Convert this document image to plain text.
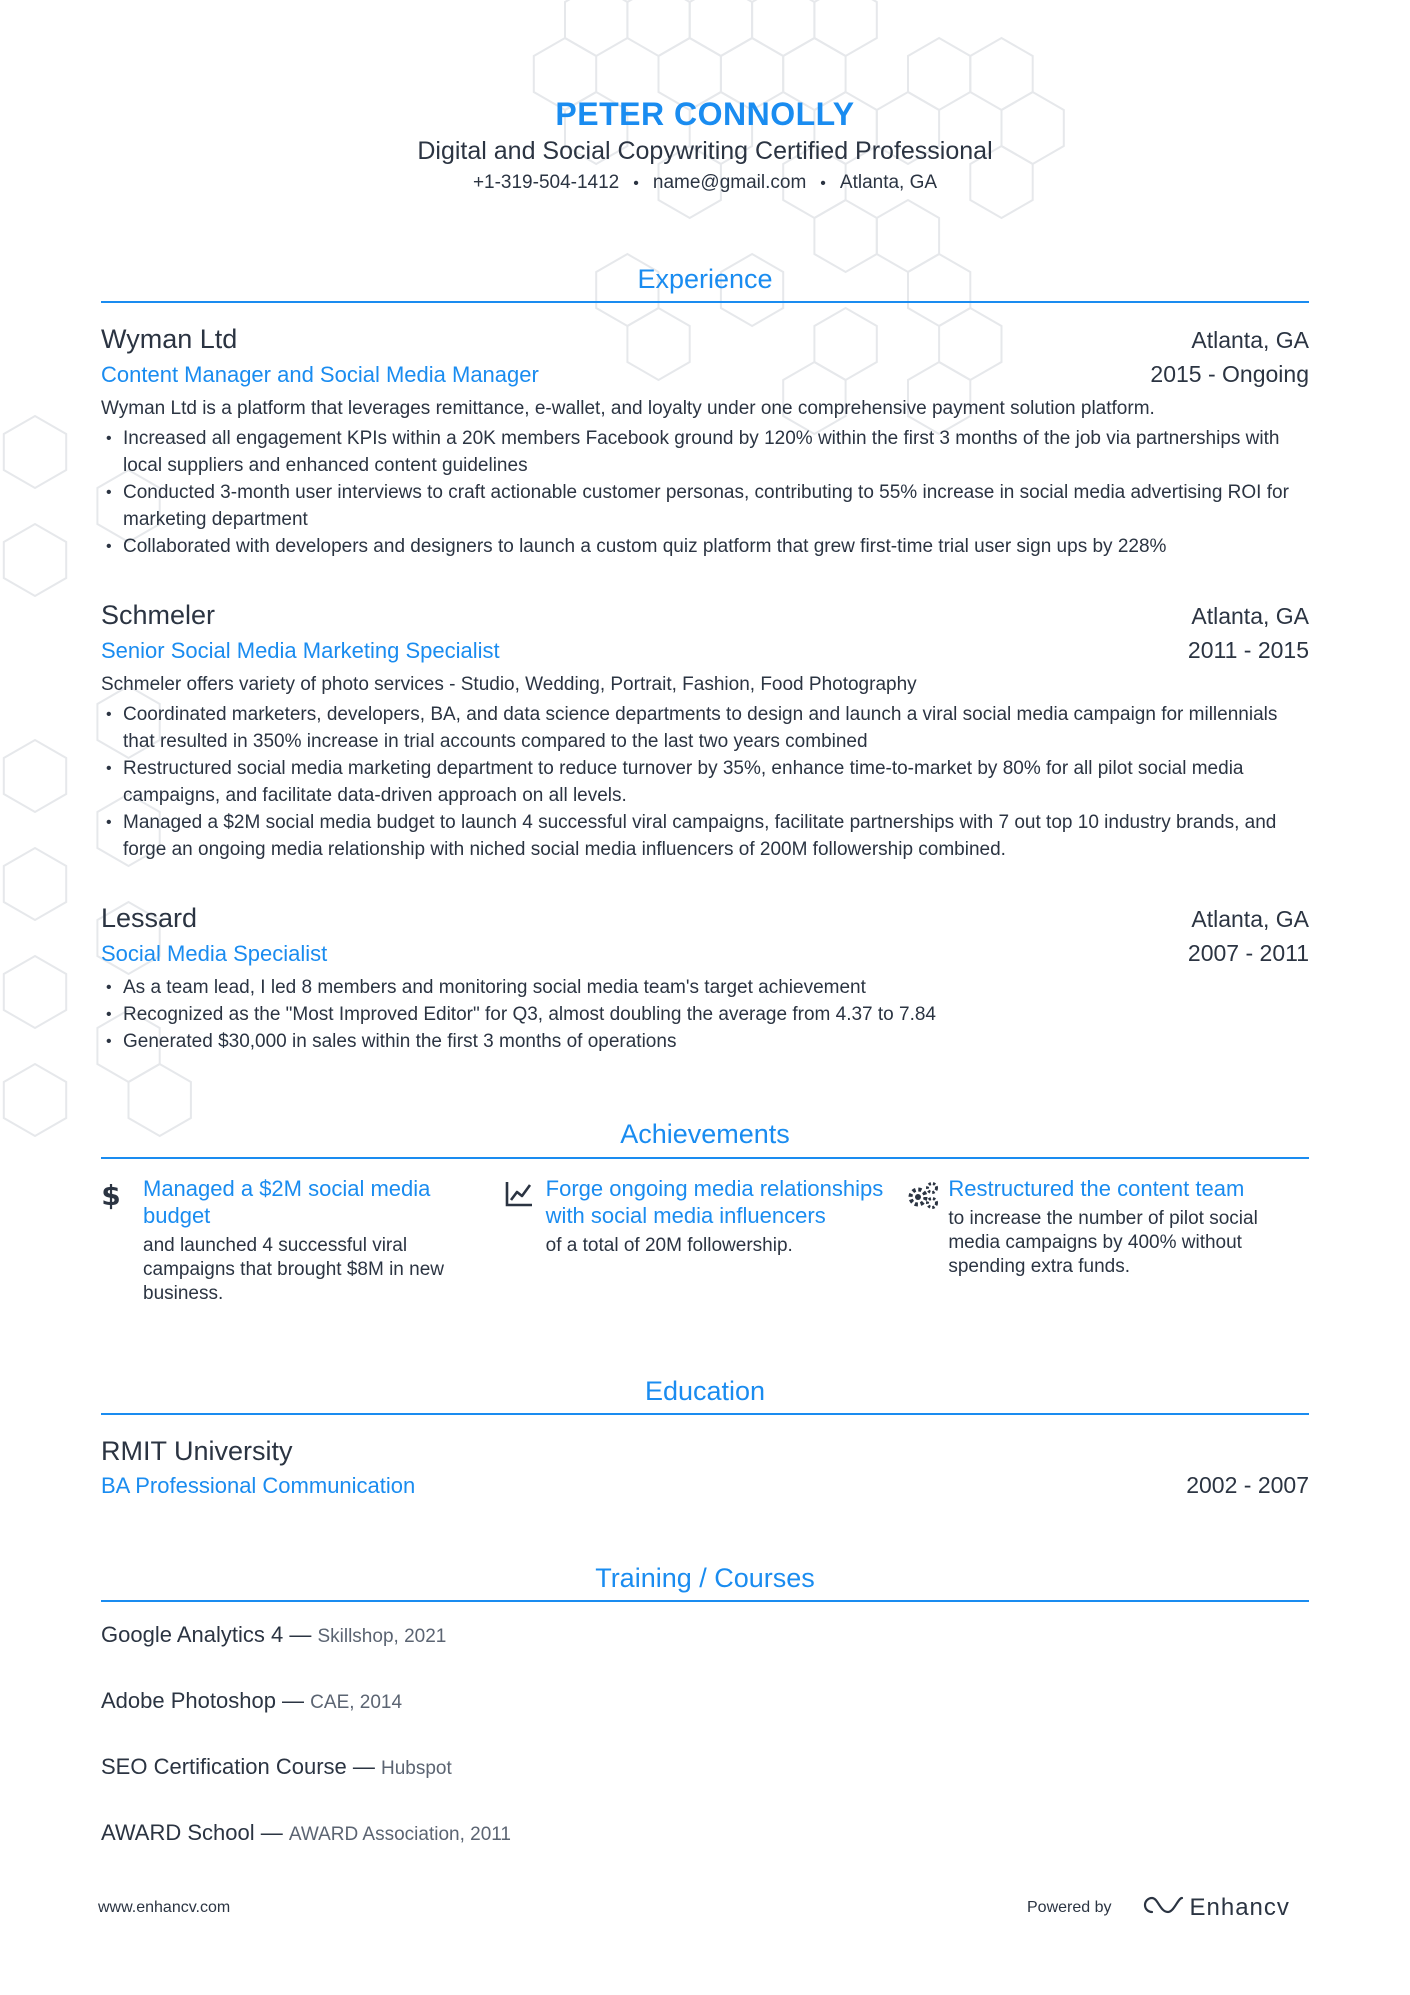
PETER CONNOLLY
Digital and Social Copywriting Certified Professional
+1-319-504-1412 • name@gmail.com • Atlanta, GA
Experience
Wyman Ltd	Atlanta, GA
Content Manager and Social Media Manager	2015 - Ongoing
Wyman Ltd is a platform that leverages remittance, e-wallet, and loyalty under one comprehensive payment solution platform.
• Increased all engagement KPIs within a 20K members Facebook ground by 120% within the first 3 months of the job via partnerships with local suppliers and enhanced content guidelines
• Conducted 3-month user interviews to craft actionable customer personas, contributing to 55% increase in social media advertising ROI for marketing department
• Collaborated with developers and designers to launch a custom quiz platform that grew first-time trial user sign ups by 228%
Schmeler	Atlanta, GA
Senior Social Media Marketing Specialist	2011 - 2015
Schmeler offers variety of photo services - Studio, Wedding, Portrait, Fashion, Food Photography
• Coordinated marketers, developers, BA, and data science departments to design and launch a viral social media campaign for millennials that resulted in 350% increase in trial accounts compared to the last two years combined
• Restructured social media marketing department to reduce turnover by 35%, enhance time-to-market by 80% for all pilot social media campaigns, and facilitate data-driven approach on all levels.
• Managed a $2M social media budget to launch 4 successful viral campaigns, facilitate partnerships with 7 out top 10 industry brands, and forge an ongoing media relationship with niched social media influencers of 200M followership combined.
Lessard	Atlanta, GA
Social Media Specialist	2007 - 2011
• As a team lead, I led 8 members and monitoring social media team's target achievement
• Recognized as the "Most Improved Editor" for Q3, almost doubling the average from 4.37 to 7.84
• Generated $30,000 in sales within the first 3 months of operations
Achievements
$ Managed a $2M social media budget
and launched 4 successful viral campaigns that brought $8M in new business.
Forge ongoing media relationships with social media influencers
of a total of 20M followership.
Restructured the content team
to increase the number of pilot social media campaigns by 400% without spending extra funds.
Education
RMIT University
BA Professional Communication	2002 - 2007
Training / Courses
Google Analytics 4 — Skillshop, 2021
Adobe Photoshop — CAE, 2014
SEO Certification Course — Hubspot
AWARD School — AWARD Association, 2011
www.enhancv.com	Powered by	Enhancv
